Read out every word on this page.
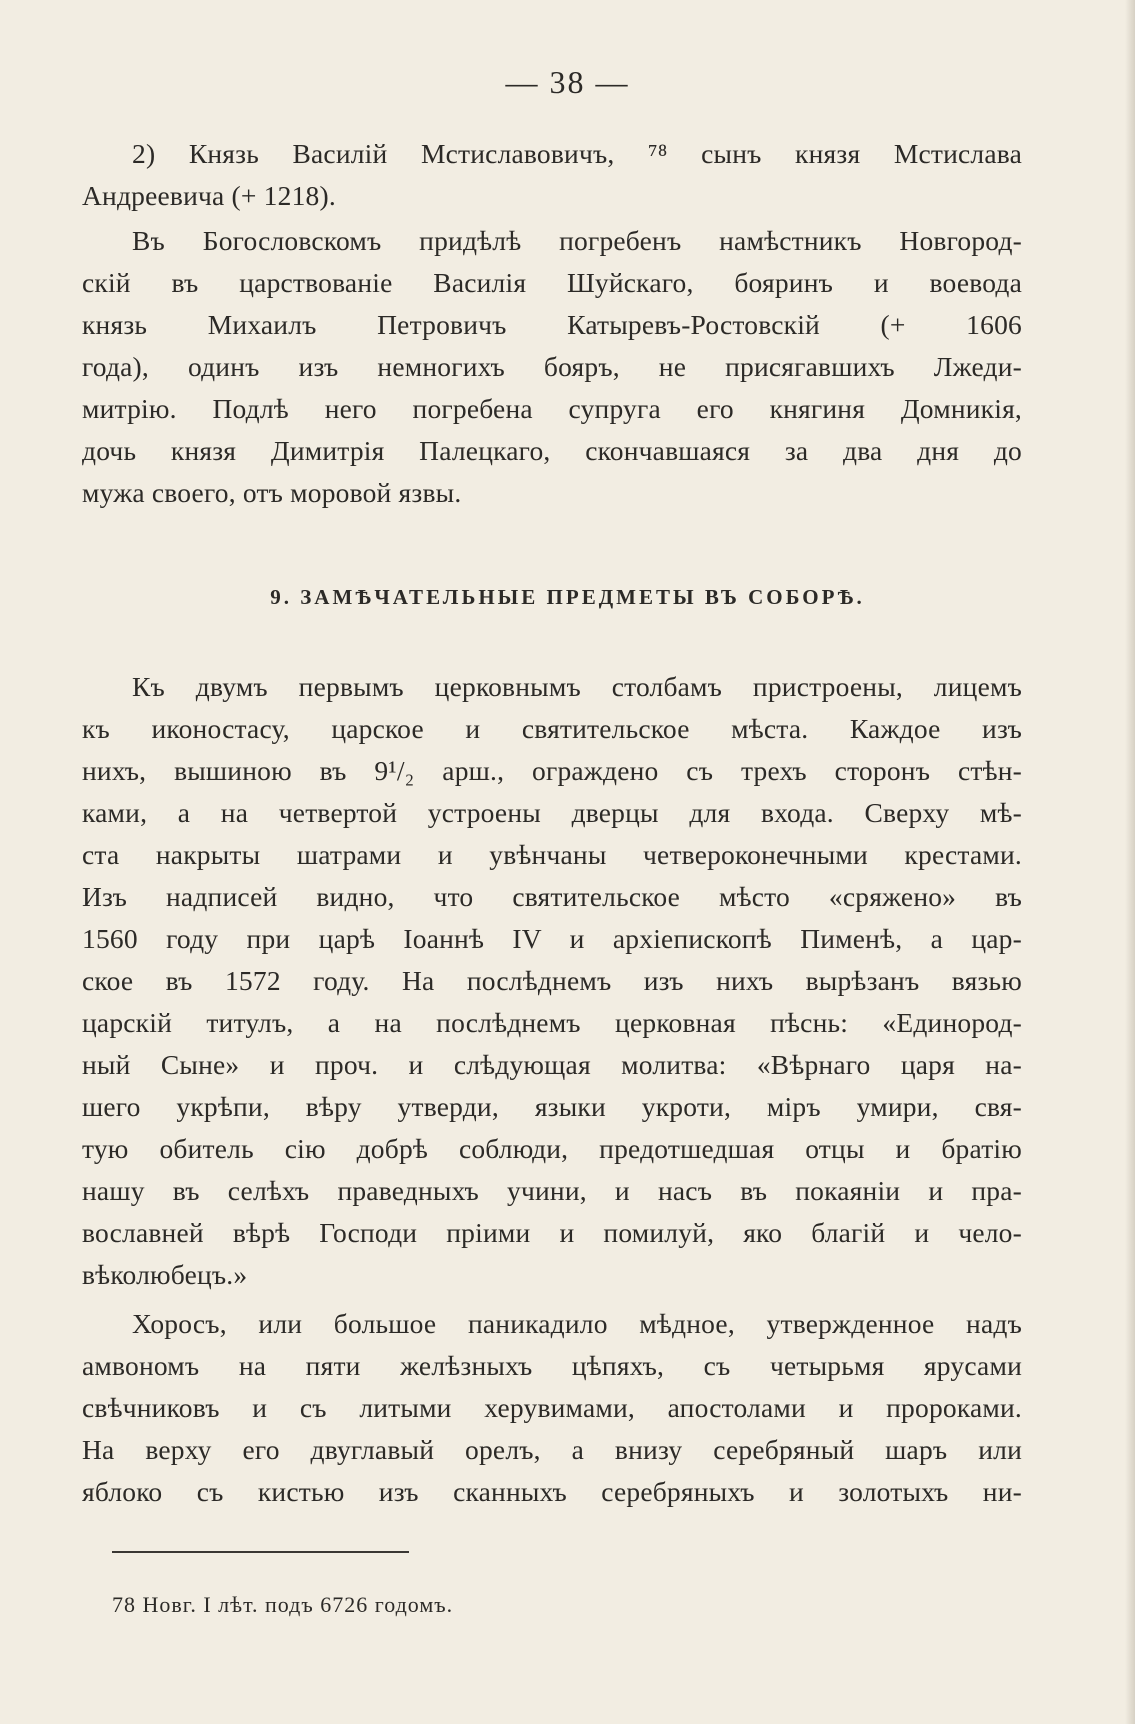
— 38 —
2) Князь Василій Мстиславовичъ, ⁷⁸ сынъ князя Мстислава
Андреевича (+ 1218).
Въ Богословскомъ придѣлѣ погребенъ намѣстникъ Новгород-
скій въ царствованіе Василія Шуйскаго, бояринъ и воевода
князь Михаилъ Петровичъ Катыревъ-Ростовскій (+ 1606
года), одинъ изъ немногихъ бояръ, не присягавшихъ Лжеди-
митрію. Подлѣ него погребена супруга его княгиня Домникія,
дочь князя Димитрія Палецкаго, скончавшаяся за два дня до
мужа своего, отъ моровой язвы.
9. ЗАМѢЧАТЕЛЬНЫЕ ПРЕДМЕТЫ ВЪ СОБОРѢ.
Къ двумъ первымъ церковнымъ столбамъ пристроены, лицемъ
къ иконостасу, царское и святительское мѣста. Каждое изъ
нихъ, вышиною въ 9¹/₂ арш., ограждено съ трехъ сторонъ стѣн-
ками, а на четвертой устроены дверцы для входа. Сверху мѣ-
ста накрыты шатрами и увѣнчаны четвероконечными крестами.
Изъ надписей видно, что святительское мѣсто «сряжено» въ
1560 году при царѣ Іоаннѣ IV и архіепископѣ Пименѣ, а цар-
ское въ 1572 году. На послѣднемъ изъ нихъ вырѣзанъ вязью
царскій титулъ, а на послѣднемъ церковная пѣснь: «Единород-
ный Сыне» и проч. и слѣдующая молитва: «Вѣрнаго царя на-
шего укрѣпи, вѣру утверди, языки укроти, міръ умири, свя-
тую обитель сію добрѣ соблюди, предотшедшая отцы и братію
нашу въ селѣхъ праведныхъ учини, и насъ въ покаяніи и пра-
вославней вѣрѣ Господи пріими и помилуй, яко благій и чело-
вѣколюбецъ.»
Хоросъ, или большое паникадило мѣдное, утвержденное надъ
амвономъ на пяти желѣзныхъ цѣпяхъ, съ четырьмя ярусами
свѣчниковъ и съ литыми херувимами, апостолами и пророками.
На верху его двуглавый орелъ, а внизу серебряный шаръ или
яблоко съ кистью изъ сканныхъ серебряныхъ и золотыхъ ни-
78 Новг. I лѣт. подъ 6726 годомъ.
